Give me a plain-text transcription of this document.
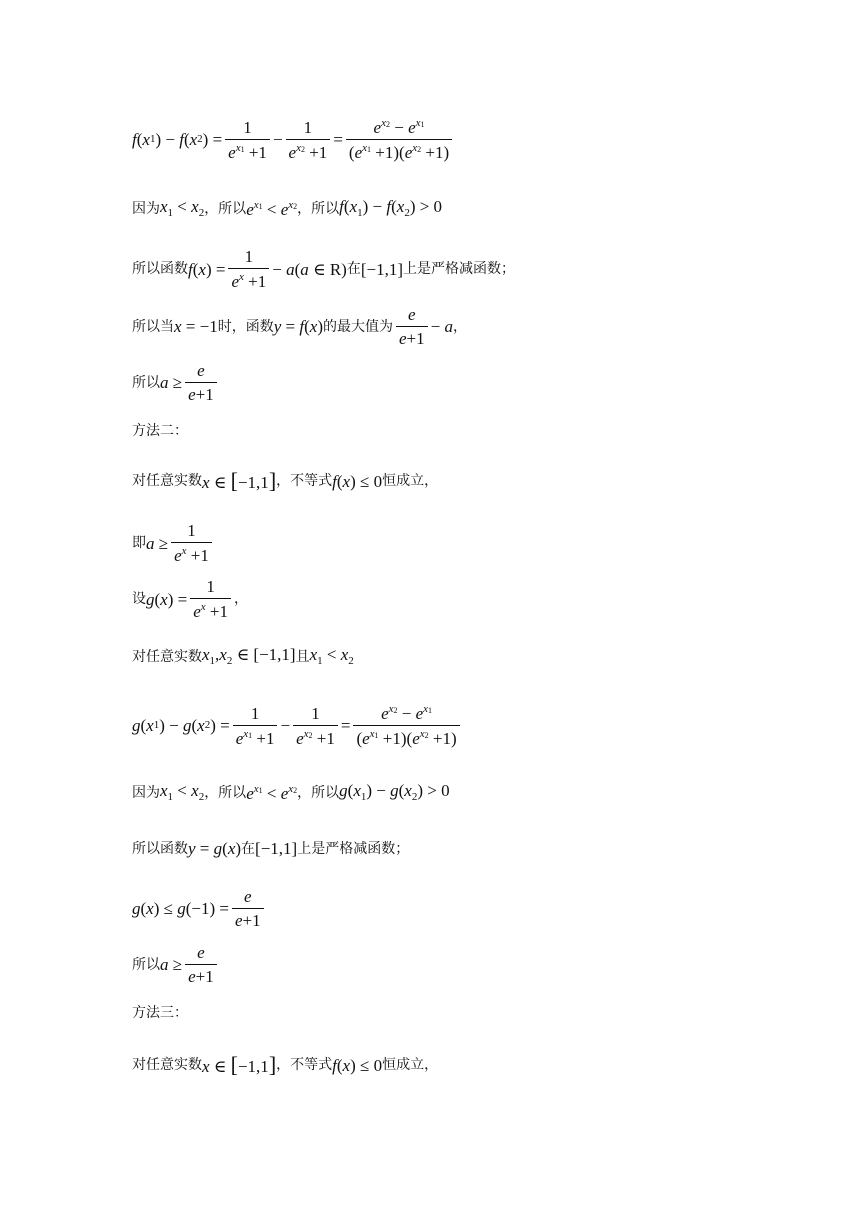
f ( x 1 ) − f ( x 2 ) = $\frac{1}{e^{x1} +1} - \frac{1}{e^{x2} +1} = \frac{e^{x2} - e^{x1}}{(e^{x1} +1)(e^{x2} +1)}$
因为 $x_1 < x_2$ ，所以 $e^{x1} < e^{x2}$ ，所以 $f(x_1) - f(x_2) > 0$
所以函数 $f(x) = \frac{1}{e^x +1} - a(a$ ∈ R) 在 [−1,1] 上是严格减函数；
所以当 x = −1 时，函数 y = f(x) 的最大值为 $\frac{e}{e+1} - a$ ，
所以 $a \ge \frac{e}{e+1}$
方法二：
对任意实数 x ∈ [−1,1] ，不等式 f(x) ≤ 0 恒成立，
即 $a \ge \frac{1}{e^x +1}$
设 $g(x) = \frac{1}{e^x +1}$ ，
对任意实数 $x_1,x_2$ ∈ [−1,1] 且 $x_1 < x_2$
g ( x 1 ) − g ( x 2 ) = $\frac{1}{e^{x1} +1} - \frac{1}{e^{x2} +1} = \frac{e^{x2} - e^{x1}}{(e^{x1} +1)(e^{x2} +1)}$
因为 $x_1 < x_2$ ，所以 $e^{x1} < e^{x2}$ ，所以 $g(x_1) - g(x_2) > 0$
所以函数 y = g(x) 在 [−1,1] 上是严格减函数；
g ( x ) ≤ g $(-1) = \frac{e}{e+1}$
所以 $a \ge \frac{e}{e+1}$
方法三：
对任意实数 x ∈ [−1,1] ，不等式 f(x) ≤ 0 恒成立，
